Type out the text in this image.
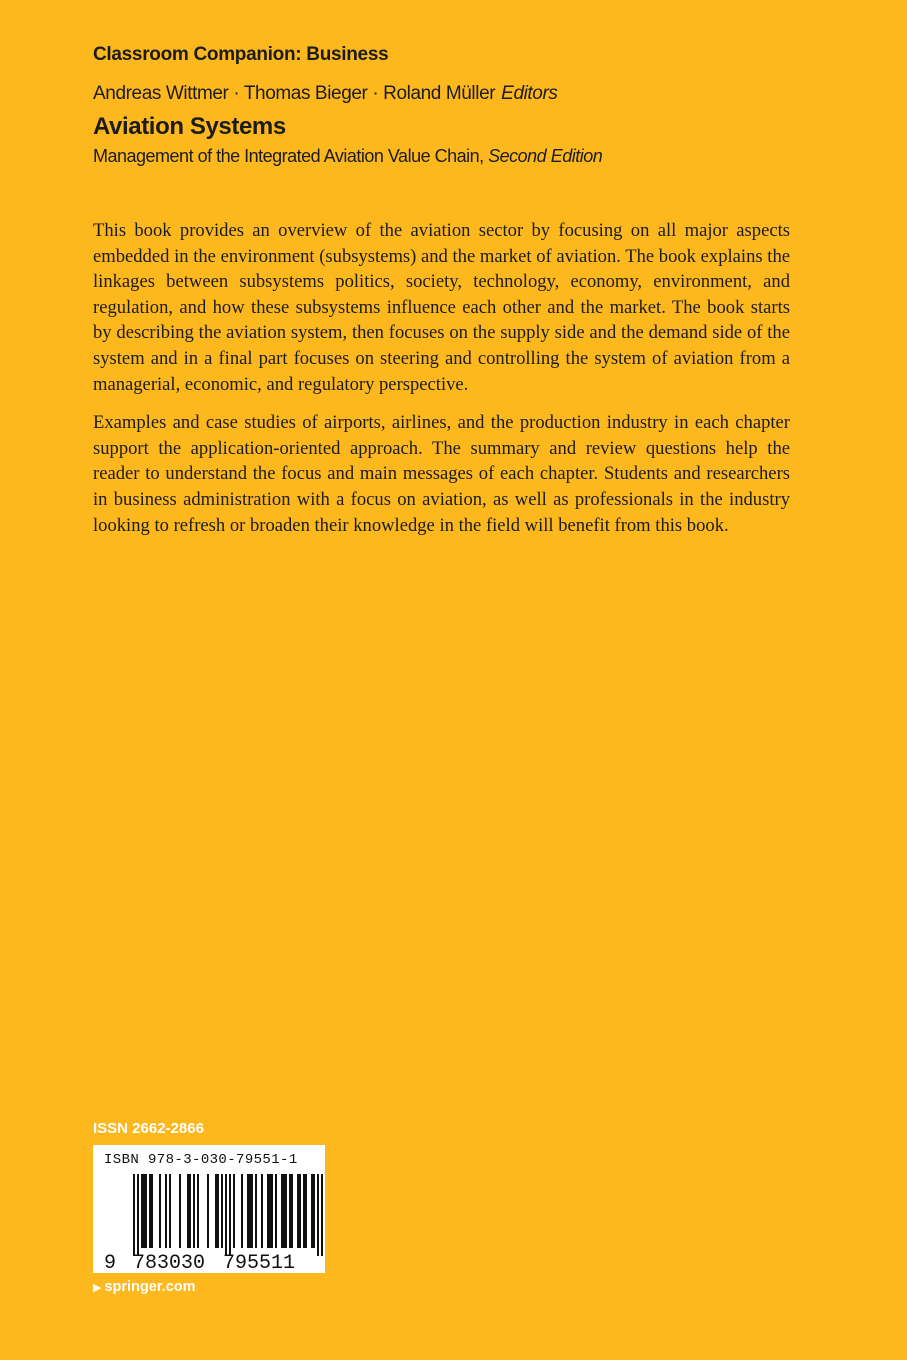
Classroom Companion: Business
Andreas Wittmer · Thomas Bieger · Roland Müller Editors
Aviation Systems
Management of the Integrated Aviation Value Chain, Second Edition

This book provides an overview of the aviation sector by focusing on all major aspects embedded in the environment (subsystems) and the market of aviation. The book explains the linkages between subsystems politics, society, technology, economy, environment, and regulation, and how these subsystems influence each other and the market. The book starts by describing the aviation system, then focuses on the supply side and the demand side of the system and in a final part focuses on steering and controlling the system of aviation from a managerial, economic, and regulatory perspective.

Examples and case studies of airports, airlines, and the production industry in each chapter support the application-oriented approach. The summary and review questions help the reader to understand the focus and main messages of each chapter. Students and researchers in business administration with a focus on aviation, as well as professionals in the industry looking to refresh or broaden their knowledge in the field will benefit from this book.

ISSN 2662-2866
ISBN 978-3-030-79551-1
9 783030 795511
▶ springer.com
